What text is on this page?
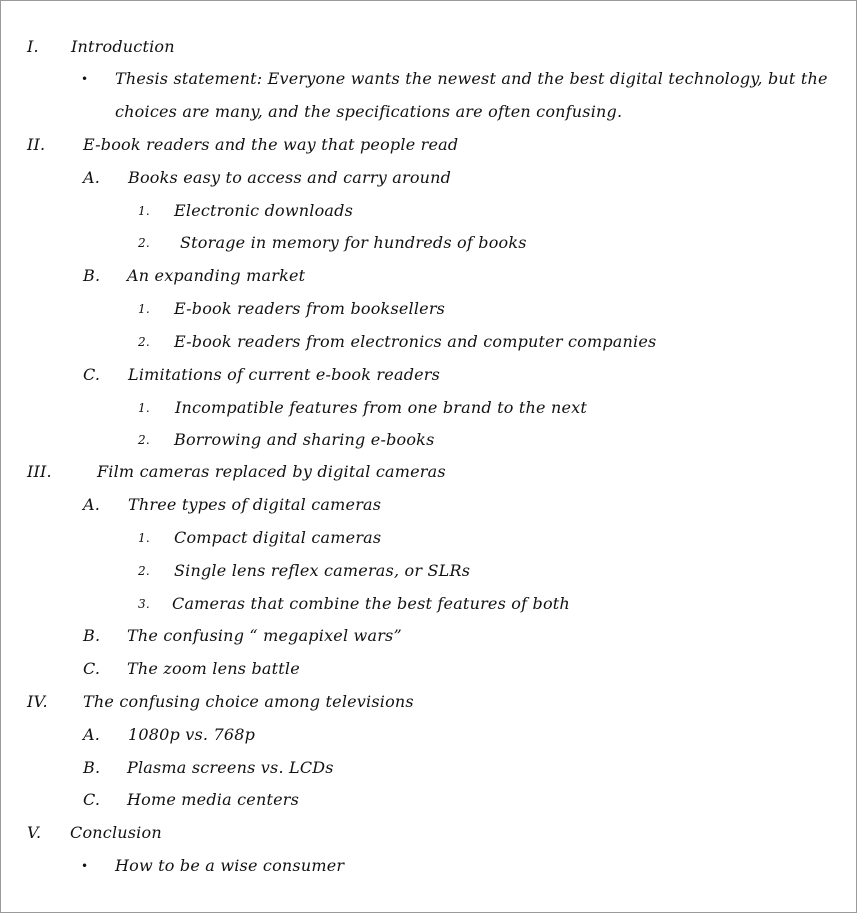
I. Introduction
• Thesis statement: Everyone wants the newest and the best digital technology, but the
choices are many, and the specifications are often confusing.
II. E-book readers and the way that people read
A. Books easy to access and carry around
1. Electronic downloads
2. Storage in memory for hundreds of books
B. An expanding market
1. E-book readers from booksellers
2. E-book readers from electronics and computer companies
C. Limitations of current e-book readers
1. Incompatible features from one brand to the next
2. Borrowing and sharing e-books
III.	Film cameras replaced by digital cameras
A. Three types of digital cameras
1. Compact digital cameras
2. Single lens reflex cameras, or SLRs
3. Cameras that combine the best features of both
B. The confusing “ megapixel wars”
C. The zoom lens battle
IV. The confusing choice among televisions
A. 1080p vs. 768p
B. Plasma screens vs. LCDs
C. Home media centers
V. Conclusion
• How to be a wise consumer
